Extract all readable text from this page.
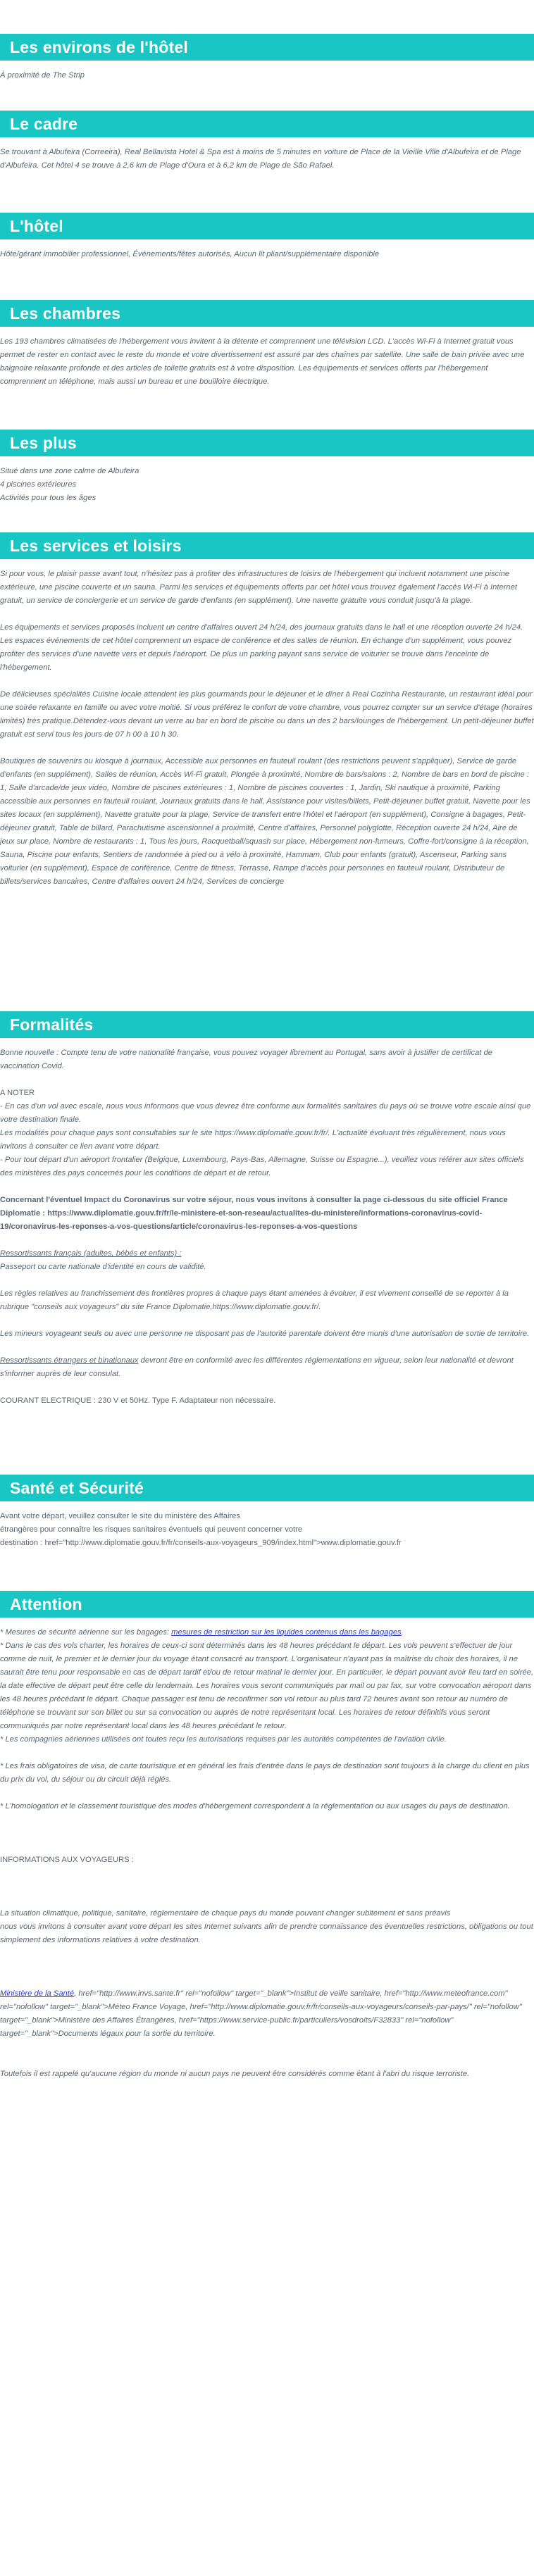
Les environs de l'hôtel

À proximité de The Strip

Le cadre

Se trouvant à Albufeira (Correeira), Real Bellavista Hotel & Spa est à moins de 5 minutes en voiture de Place de la Vieille Ville d'Albufeira et de Plage d'Albufeira. Cet hôtel 4 se trouve à 2,6 km de Plage d'Oura et à 6,2 km de Plage de São Rafael.

L'hôtel

Hôte/gérant immobilier professionnel, Événements/fêtes autorisés, Aucun lit pliant/supplémentaire disponible

Les chambres

Les 193 chambres climatisées de l'hébergement vous invitent à la détente et comprennent une télévision LCD. L'accès Wi-Fi à Internet gratuit vous permet de rester en contact avec le reste du monde et votre divertissement est assuré par des chaînes par satellite. Une salle de bain privée avec une baignoire relaxante profonde et des articles de toilette gratuits est à votre disposition. Les équipements et services offerts par l'hébergement comprennent un téléphone, mais aussi un bureau et une bouilloire électrique.

Les plus

Situé dans une zone calme de Albufeira

4 piscines extérieures

Activités pour tous les âges

Les services et loisirs

Si pour vous, le plaisir passe avant tout, n'hésitez pas à profiter des infrastructures de loisirs de l'hébergement qui incluent notamment une piscine extérieure, une piscine couverte et un sauna. Parmi les services et équipements offerts par cet hôtel vous trouvez également l'accès Wi-Fi à Internet gratuit, un service de conciergerie et un service de garde d'enfants (en supplément). Une navette gratuite vous conduit jusqu'à la plage.

Les équipements et services proposés incluent un centre d'affaires ouvert 24 h/24, des journaux gratuits dans le hall et une réception ouverte 24 h/24. Les espaces événements de cet hôtel comprennent un espace de conférence et des salles de réunion. En échange d'un supplément, vous pouvez profiter des services d'une navette vers et depuis l'aéroport. De plus un parking payant sans service de voiturier se trouve dans l'enceinte de l'hébergement.

De délicieuses spécialités Cuisine locale attendent les plus gourmands pour le déjeuner et le dîner à Real Cozinha Restaurante, un restaurant idéal pour une soirée relaxante en famille ou avec votre moitié. Si vous préférez le confort de votre chambre, vous pourrez compter sur un service d'étage (horaires limités) très pratique.Détendez-vous devant un verre au bar en bord de piscine ou dans un des 2 bars/lounges de l'hébergement. Un petit-déjeuner buffet gratuit est servi tous les jours de 07 h 00 à 10 h 30.

Boutiques de souvenirs ou kiosque à journaux, Accessible aux personnes en fauteuil roulant (des restrictions peuvent s'appliquer), Service de garde d'enfants (en supplément), Salles de réunion, Accès Wi-Fi gratuit, Plongée à proximité, Nombre de bars/salons : 2, Nombre de bars en bord de piscine : 1, Salle d'arcade/de jeux vidéo, Nombre de piscines extérieures : 1, Nombre de piscines couvertes : 1, Jardin, Ski nautique à proximité, Parking accessible aux personnes en fauteuil roulant, Journaux gratuits dans le hall, Assistance pour visites/billets, Petit-déjeuner buffet gratuit, Navette pour les sites locaux (en supplément), Navette gratuite pour la plage, Service de transfert entre l'hôtel et l'aéroport (en supplément), Consigne à bagages, Petit-déjeuner gratuit, Table de billard, Parachutisme ascensionnel à proximité, Centre d'affaires, Personnel polyglotte, Réception ouverte 24 h/24, Aire de jeux sur place, Nombre de restaurants : 1, Tous les jours, Racquetball/squash sur place, Hébergement non-fumeurs, Coffre-fort/consigne à la réception, Sauna, Piscine pour enfants, Sentiers de randonnée à pied ou à vélo à proximité, Hammam, Club pour enfants (gratuit), Ascenseur, Parking sans voiturier (en supplément), Espace de conférence, Centre de fitness, Terrasse, Rampe d'accès pour personnes en fauteuil roulant, Distributeur de billets/services bancaires, Centre d'affaires ouvert 24 h/24, Services de concierge

Formalités

Bonne nouvelle : Compte tenu de votre nationalité française, vous pouvez voyager librement au Portugal, sans avoir à justifier de certificat de vaccination Covid.

A NOTER

- En cas d'un vol avec escale, nous vous informons que vous devrez être conforme aux formalités sanitaires du pays où se trouve votre escale ainsi que votre destination finale.

Les modalités pour chaque pays sont consultables sur le site https://www.diplomatie.gouv.fr/fr/. L'actualité évoluant très régulièrement, nous vous invitons à consulter ce lien avant votre départ.

- Pour tout départ d'un aéroport frontalier (Belgique, Luxembourg, Pays-Bas, Allemagne, Suisse ou Espagne...), veuillez vous référer aux sites officiels des ministères des pays concernés pour les conditions de départ et de retour.

Concernant l'éventuel Impact du Coronavirus sur votre séjour, nous vous invitons à consulter la page ci-dessous du site officiel France Diplomatie : https://www.diplomatie.gouv.fr/fr/le-ministere-et-son-reseau/actualites-du-ministere/informations-coronavirus-covid-19/coronavirus-les-reponses-a-vos-questions/article/coronavirus-les-reponses-a-vos-questions

Ressortissants français (adultes, bébés et enfants) :

Passeport ou carte nationale d'identité en cours de validité.

Les règles relatives au franchissement des frontières propres à chaque pays étant amenées à évoluer, il est vivement conseillé de se reporter à la rubrique "conseils aux voyageurs" du site France Diplomatie,https://www.diplomatie.gouv.fr/.

Les mineurs voyageant seuls ou avec une personne ne disposant pas de l'autorité parentale doivent être munis d'une autorisation de sortie de territoire.

Ressortissants étrangers et binationaux devront être en conformité avec les différentes réglementations en vigueur, selon leur nationalité et devront s'informer auprès de leur consulat.

COURANT ELECTRIQUE : 230 V et 50Hz. Type F. Adaptateur non nécessaire.

Santé et Sécurité

Avant votre départ, veuillez consulter le site du ministère des Affaires

étrangères pour connaître les risques sanitaires éventuels qui peuvent concerner votre

destination : href="http://www.diplomatie.gouv.fr/fr/conseils-aux-voyageurs_909/index.html">www.diplomatie.gouv.fr

Attention

* Mesures de sécurité aérienne sur les bagages: mesures de restriction sur les liquides contenus dans les bagages.

* Dans le cas des vols charter, les horaires de ceux-ci sont déterminés dans les 48 heures précédant le départ. Les vols peuvent s'effectuer de jour comme de nuit, le premier et le dernier jour du voyage étant consacré au transport. L'organisateur n'ayant pas la maîtrise du choix des horaires, il ne saurait être tenu pour responsable en cas de départ tardif et/ou de retour matinal le dernier jour. En particulier, le départ pouvant avoir lieu tard en soirée, la date effective de départ peut être celle du lendemain. Les horaires vous seront communiqués par mail ou par fax, sur votre convocation aéroport dans les 48 heures précédant le départ. Chaque passager est tenu de reconfirmer son vol retour au plus tard 72 heures avant son retour au numéro de téléphone se trouvant sur son billet ou sur sa convocation ou auprès de notre représentant local. Les horaires de retour définitifs vous seront communiqués par notre représentant local dans les 48 heures précédant le retour.

* Les compagnies aériennes utilisées ont toutes reçu les autorisations requises par les autorités compétentes de l'aviation civile.

* Les frais obligatoires de visa, de carte touristique et en général les frais d'entrée dans le pays de destination sont toujours à la charge du client en plus du prix du vol, du séjour ou du circuit déjà réglés.

* L'homologation et le classement touristique des modes d'hébergement correspondent à la réglementation ou aux usages du pays de destination.

INFORMATIONS AUX VOYAGEURS :

La situation climatique, politique, sanitaire, réglementaire de chaque pays du monde pouvant changer subitement et sans préavis

nous vous invitons à consulter avant votre départ les sites Internet suivants afin de prendre connaissance des éventuelles restrictions, obligations ou tout simplement des informations relatives à votre destination.

Ministère de la Santé, href="http://www.invs.sante.fr" rel="nofollow" target="_blank">Institut de veille sanitaire, href="http://www.meteofrance.com" rel="nofollow" target="_blank">Méteo France Voyage, href="http://www.diplomatie.gouv.fr/fr/conseils-aux-voyageurs/conseils-par-pays/" rel="nofollow" target="_blank">Ministère des Affaires Étrangères, href="https://www.service-public.fr/particuliers/vosdroits/F32833" rel="nofollow" target="_blank">Documents légaux pour la sortie du territoire.

Toutefois il est rappelé qu'aucune région du monde ni aucun pays ne peuvent être considérés comme étant à l'abri du risque terroriste.
